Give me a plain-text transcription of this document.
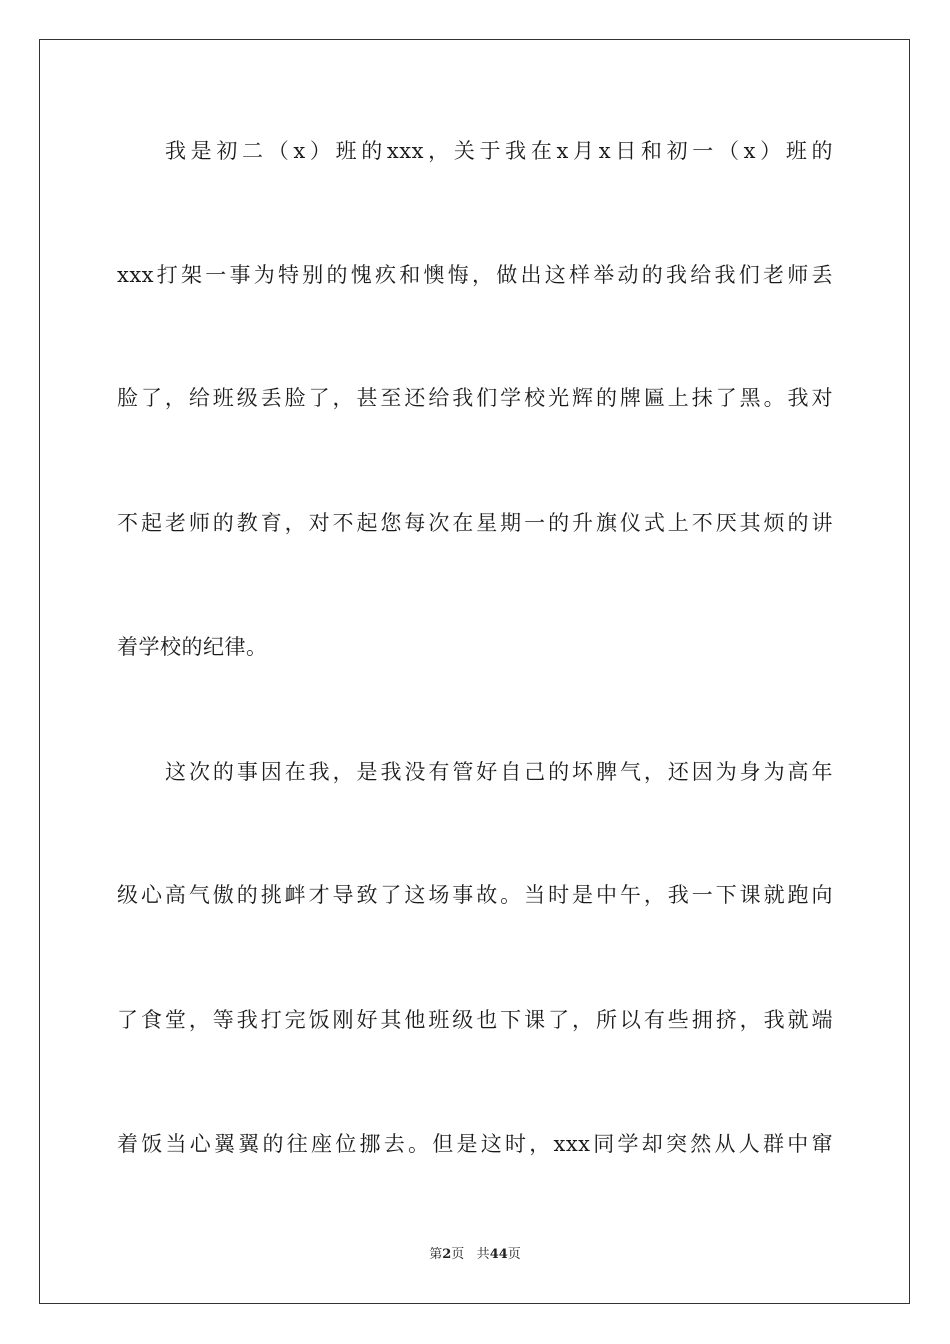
我是初二（x）班的xxx，关于我在x月x日和初一（x）班的
xxx打架一事为特别的愧疚和懊悔，做出这样举动的我给我们老师丢
脸了，给班级丢脸了，甚至还给我们学校光辉的牌匾上抹了黑。我对
不起老师的教育，对不起您每次在星期一的升旗仪式上不厌其烦的讲
着学校的纪律。
这次的事因在我，是我没有管好自己的坏脾气，还因为身为高年
级心高气傲的挑衅才导致了这场事故。当时是中午，我一下课就跑向
了食堂，等我打完饭刚好其他班级也下课了，所以有些拥挤，我就端
着饭当心翼翼的往座位挪去。但是这时，xxx同学却突然从人群中窜
第2页 共44页
